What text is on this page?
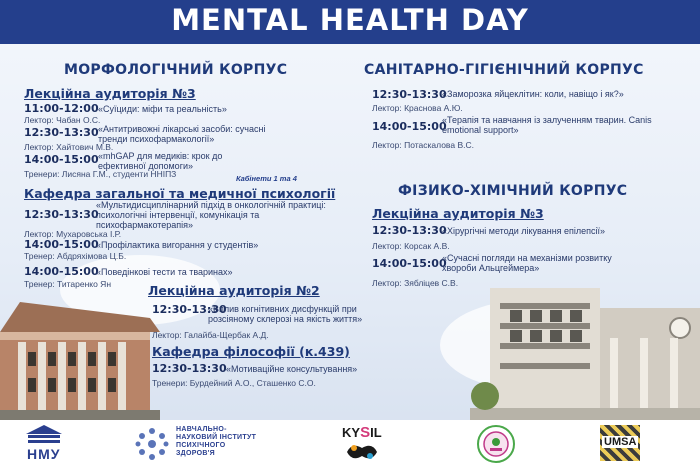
MENTAL HEALTH DAY
МОРФОЛОГІЧНИЙ КОРПУС
Лекційна аудиторія №3
11:00-12:00 «Суїциди: міфи та реальність»
Лектор: Чабан О.С.
12:30-13:30 «Антитривожні лікарські засоби: сучасні тренди психофармакології»
Лектор: Хайтович М.В.
14:00-15:00 «mhGAP для медиків: крок до ефективної допомоги»
Тренери: Лисяна Г.М., студенти ННІПЗ	Кабінети 1 та 4
Кафедра загальної та медичної психології
12:30-13:30
«Мультидисциплінарний підхід в онкологічній практиці: психологічні інтервенції, комунікація та психофармакотерапія»
Лектор: Мухаровська І.Р.
14:00-15:00
«Профілактика вигорання у студентів»
Тренер: Абдряхімова Ц.Б.
14:00-15:00
«Поведінкові тести та тваринах»
Тренер: Титаренко Ян	Лекційна аудиторія №2
12:30-13:30
«Вплив когнітивних дисфункцій при розсіяному склерозі на якість життя»
Лектор: Галайба-Щербак А.Д.
Кафедра філософії (к.439)
12:30-13:30 «Мотиваційне консультування»
Тренери: Бурдейний А.О., Сташенко С.О.
САНІТАРНО-ГІГІЄНІЧНИЙ КОРПУС
12:30-13:30
«Заморозка яйцеклітин: коли, навіщо і як?»
Лектор: Краснова А.Ю.
14:00-15:00
«Терапія та навчання із залученням тварин. Canis emotional support»
Лектор: Потаскалова В.С.
ФІЗИКО-ХІМІЧНИЙ КОРПУС
Лекційна аудиторія №3
12:30-13:30
«Хірургічні методи лікування епілепсії»
Лектор: Корсак А.В.
14:00-15:00
«Сучасні погляди на механізми розвитку хвороби Альцгеймера»
Лектор: Зябліцев С.В.
НМУ
НАВЧАЛЬНО-
НАУКОВИЙ ІНСТИТУТ
ПСИХІЧНОГО
ЗДОРОВ'Я
KYSIL
UMSA
